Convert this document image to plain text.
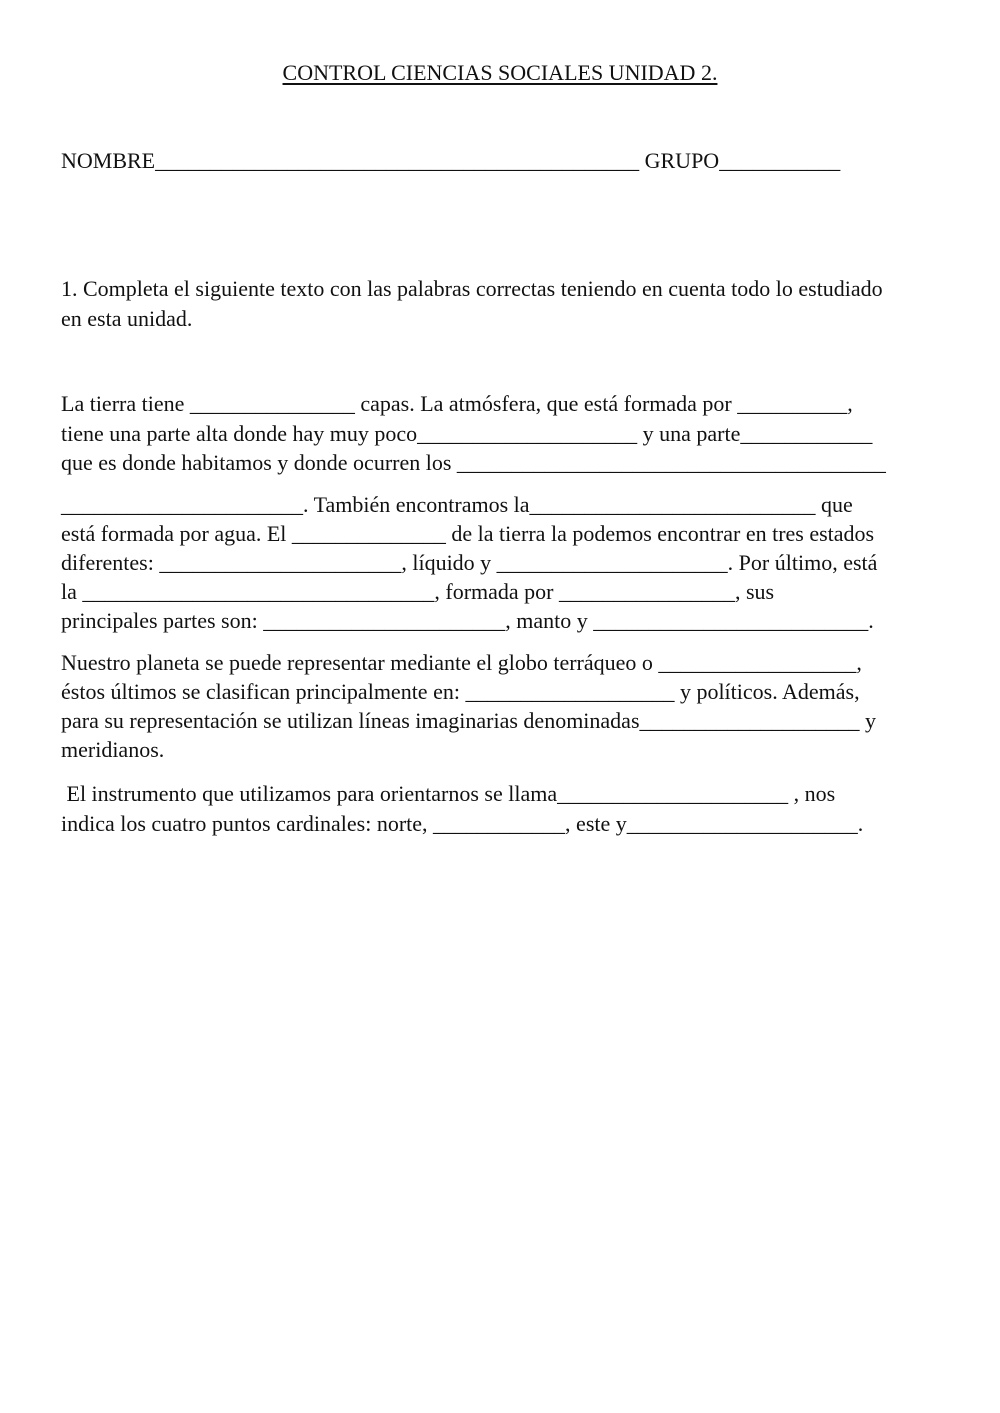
CONTROL CIENCIAS SOCIALES UNIDAD 2.
NOMBRE____________________________________________ GRUPO___________
1. Completa el siguiente texto con las palabras correctas teniendo en cuenta todo lo estudiado
en esta unidad.
La tierra tiene _______________ capas. La atmósfera, que está formada por __________,
tiene una parte alta donde hay muy poco____________________ y una parte____________
que es donde habitamos y donde ocurren los _______________________________________
______________________. También encontramos la__________________________ que
está formada por agua. El ______________ de la tierra la podemos encontrar en tres estados
diferentes: ______________________, líquido y _____________________. Por último, está
la ________________________________, formada por ________________, sus
principales partes son: ______________________, manto y _________________________.
Nuestro planeta se puede representar mediante el globo terráqueo o __________________,
éstos últimos se clasifican principalmente en: ___________________ y políticos. Además,
para su representación se utilizan líneas imaginarias denominadas____________________ y
meridianos.
El instrumento que utilizamos para orientarnos se llama_____________________ , nos
indica los cuatro puntos cardinales: norte, ____________, este y_____________________.
